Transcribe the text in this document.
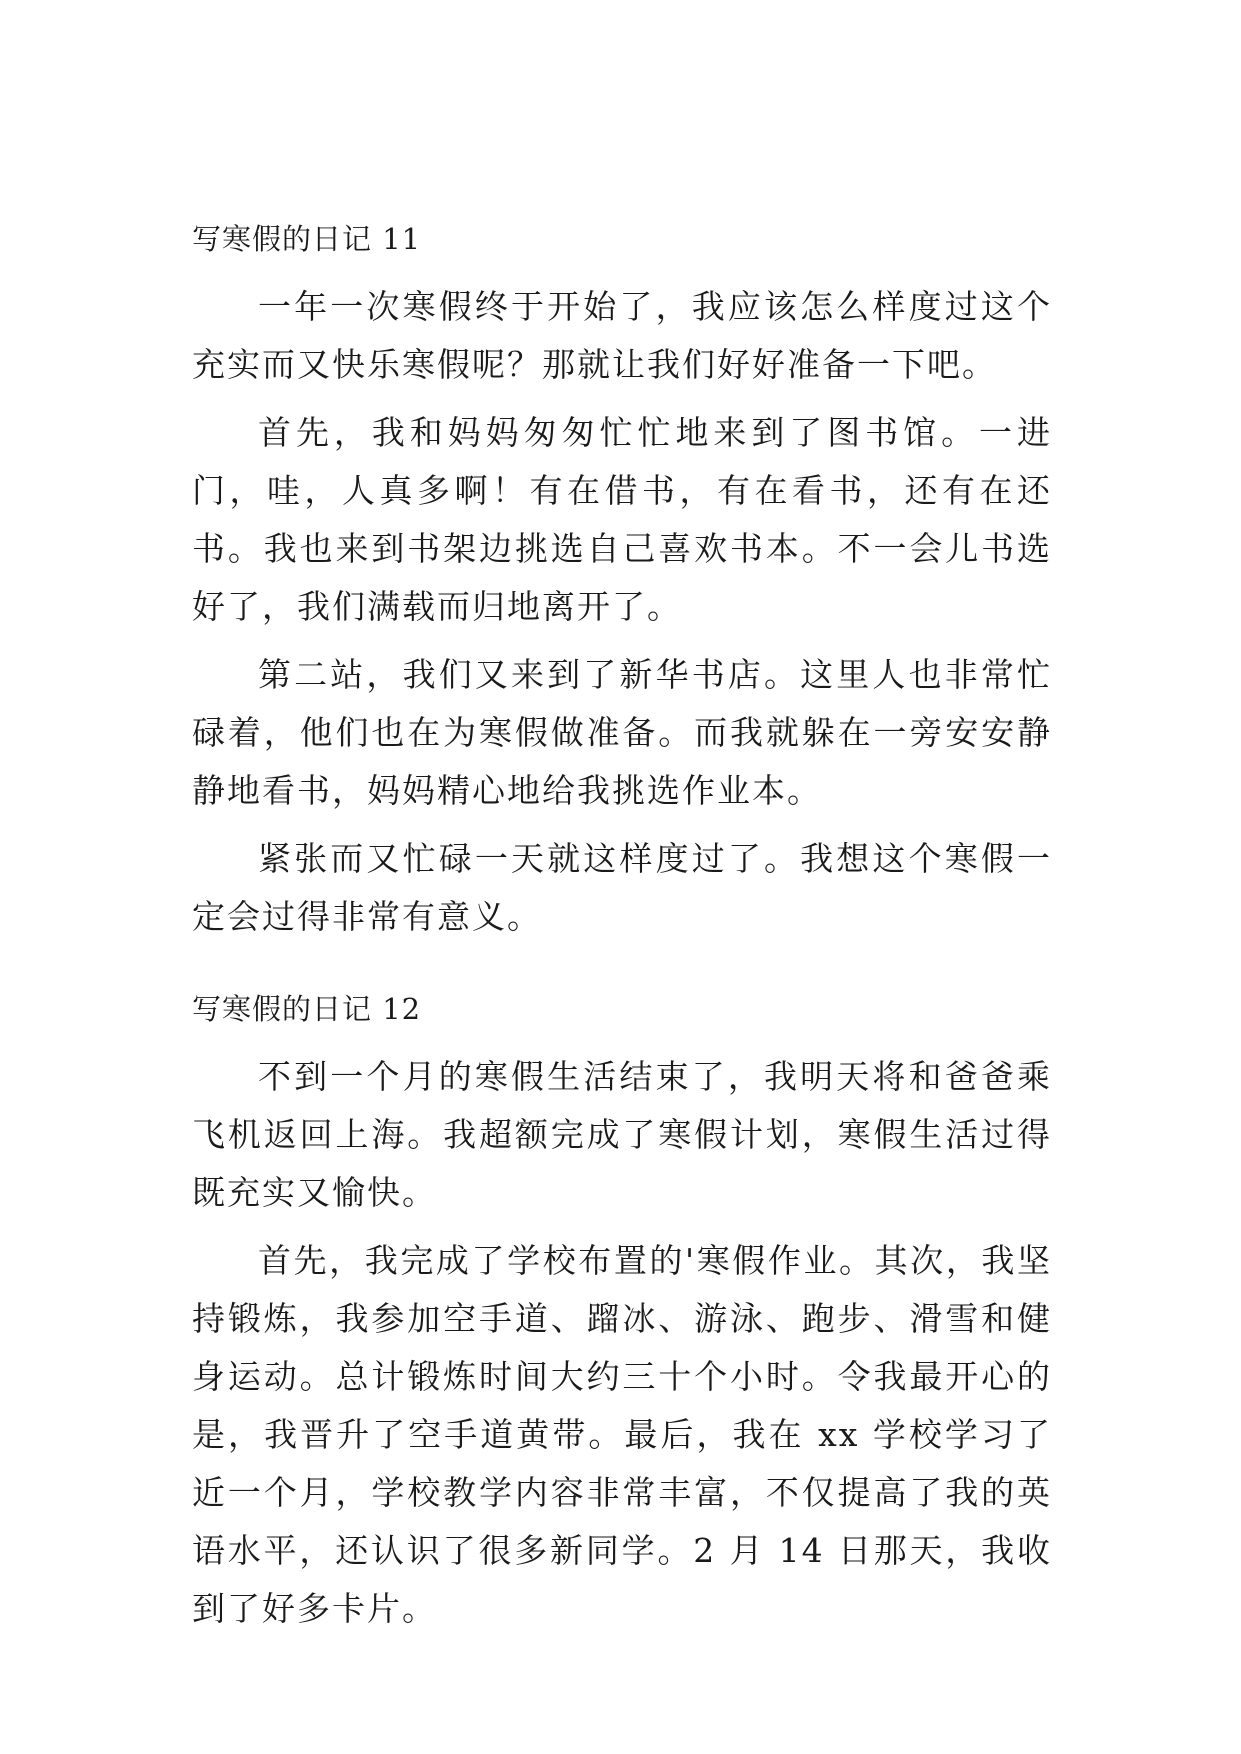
写寒假的日记 11

一年一次寒假终于开始了，我应该怎么样度过这个充实而又快乐寒假呢？那就让我们好好准备一下吧。

首先，我和妈妈匆匆忙忙地来到了图书馆。一进门，哇，人真多啊！有在借书，有在看书，还有在还书。我也来到书架边挑选自己喜欢书本。不一会儿书选好了，我们满载而归地离开了。

第二站，我们又来到了新华书店。这里人也非常忙碌着，他们也在为寒假做准备。而我就躲在一旁安安静静地看书，妈妈精心地给我挑选作业本。

紧张而又忙碌一天就这样度过了。我想这个寒假一定会过得非常有意义。

写寒假的日记 12

不到一个月的寒假生活结束了，我明天将和爸爸乘飞机返回上海。我超额完成了寒假计划，寒假生活过得既充实又愉快。

首先，我完成了学校布置的'寒假作业。其次，我坚持锻炼，我参加空手道、蹓冰、游泳、跑步、滑雪和健身运动。总计锻炼时间大约三十个小时。令我最开心的是，我晋升了空手道黄带。最后，我在 xx 学校学习了近一个月，学校教学内容非常丰富，不仅提高了我的英语水平，还认识了很多新同学。2 月 14 日那天，我收到了好多卡片。
